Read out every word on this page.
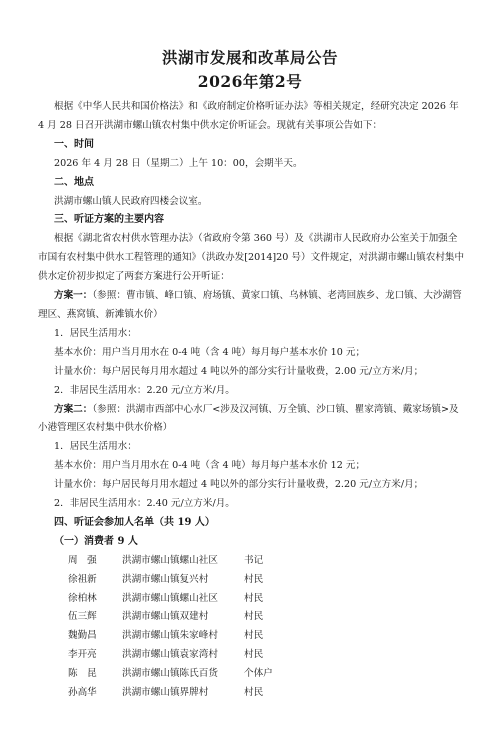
洪湖市发展和改革局公告
2026年第2号

根据《中华人民共和国价格法》和《政府制定价格听证办法》等相关规定，经研究决定 2026 年 4 月 28 日召开洪湖市螺山镇农村集中供水定价听证会。现就有关事项公告如下：

一、时间

2026 年 4 月 28 日（星期二）上午 10：00，会期半天。

二、地点

洪湖市螺山镇人民政府四楼会议室。

三、听证方案的主要内容

根据《湖北省农村供水管理办法》（省政府令第 360 号）及《洪湖市人民政府办公室关于加强全市国有农村集中供水工程管理的通知》（洪政办发[2014]20 号）文件规定，对洪湖市螺山镇农村集中供水定价初步拟定了两套方案进行公开听证：

方案一：（参照：曹市镇、峰口镇、府场镇、黄家口镇、乌林镇、老湾回族乡、龙口镇、大沙湖管理区、燕窝镇、新滩镇水价）

1．居民生活用水：

基本水价：用户当月用水在 0-4 吨（含 4 吨）每月每户基本水价 10 元；

计量水价：每户居民每月用水超过 4 吨以外的部分实行计量收费，2.00 元/立方米/月；

2．非居民生活用水：2.20 元/立方米/月。

方案二：（参照：洪湖市西部中心水厂<涉及汉河镇、万全镇、沙口镇、瞿家湾镇、戴家场镇>及小港管理区农村集中供水价格）

1．居民生活用水：

基本水价：用户当月用水在 0-4 吨（含 4 吨）每月每户基本水价 12 元；

计量水价：每户居民每月用水超过 4 吨以外的部分实行计量收费，2.20 元/立方米/月；

2．非居民生活用水：2.40 元/立方米/月。

四、听证会参加人名单（共 19 人）

（一）消费者 9 人

周　强	洪湖市螺山镇螺山社区	书记
徐祖新	洪湖市螺山镇复兴村	村民
徐柏林	洪湖市螺山镇螺山社区	村民
伍三辉	洪湖市螺山镇双建村	村民
魏勤昌	洪湖市螺山镇朱家峰村	村民
李开亮	洪湖市螺山镇袁家湾村	村民
陈　昆	洪湖市螺山镇陈氏百货	个体户
孙高华	洪湖市螺山镇界牌村	村民
